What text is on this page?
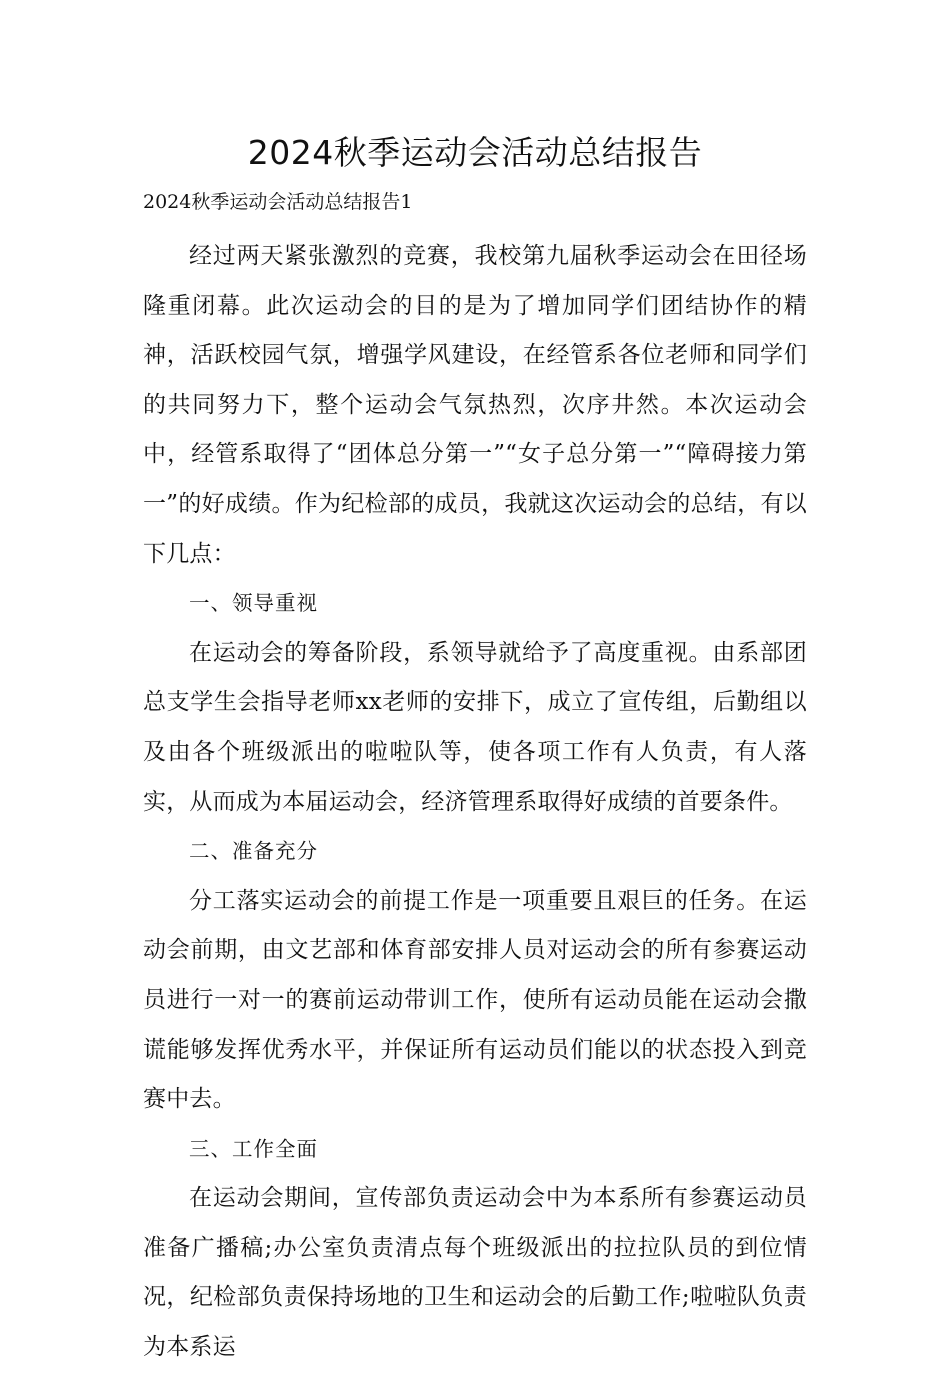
2024秋季运动会活动总结报告

2024秋季运动会活动总结报告1

经过两天紧张激烈的竞赛，我校第九届秋季运动会在田径场隆重闭幕。此次运动会的目的是为了增加同学们团结协作的精神，活跃校园气氛，增强学风建设，在经管系各位老师和同学们的共同努力下，整个运动会气氛热烈，次序井然。本次运动会中，经管系取得了“团体总分第一”“女子总分第一”“障碍接力第一”的好成绩。作为纪检部的成员，我就这次运动会的总结，有以下几点：

一、领导重视

在运动会的筹备阶段，系领导就给予了高度重视。由系部团总支学生会指导老师xx老师的安排下，成立了宣传组，后勤组以及由各个班级派出的啦啦队等，使各项工作有人负责，有人落实，从而成为本届运动会，经济管理系取得好成绩的首要条件。

二、准备充分

分工落实运动会的前提工作是一项重要且艰巨的任务。在运动会前期，由文艺部和体育部安排人员对运动会的所有参赛运动员进行一对一的赛前运动带训工作，使所有运动员能在运动会撒谎能够发挥优秀水平，并保证所有运动员们能以的状态投入到竞赛中去。

三、工作全面

在运动会期间，宣传部负责运动会中为本系所有参赛运动员准备广播稿;办公室负责清点每个班级派出的拉拉队员的到位情况，纪检部负责保持场地的卫生和运动会的后勤工作;啦啦队负责为本系运
